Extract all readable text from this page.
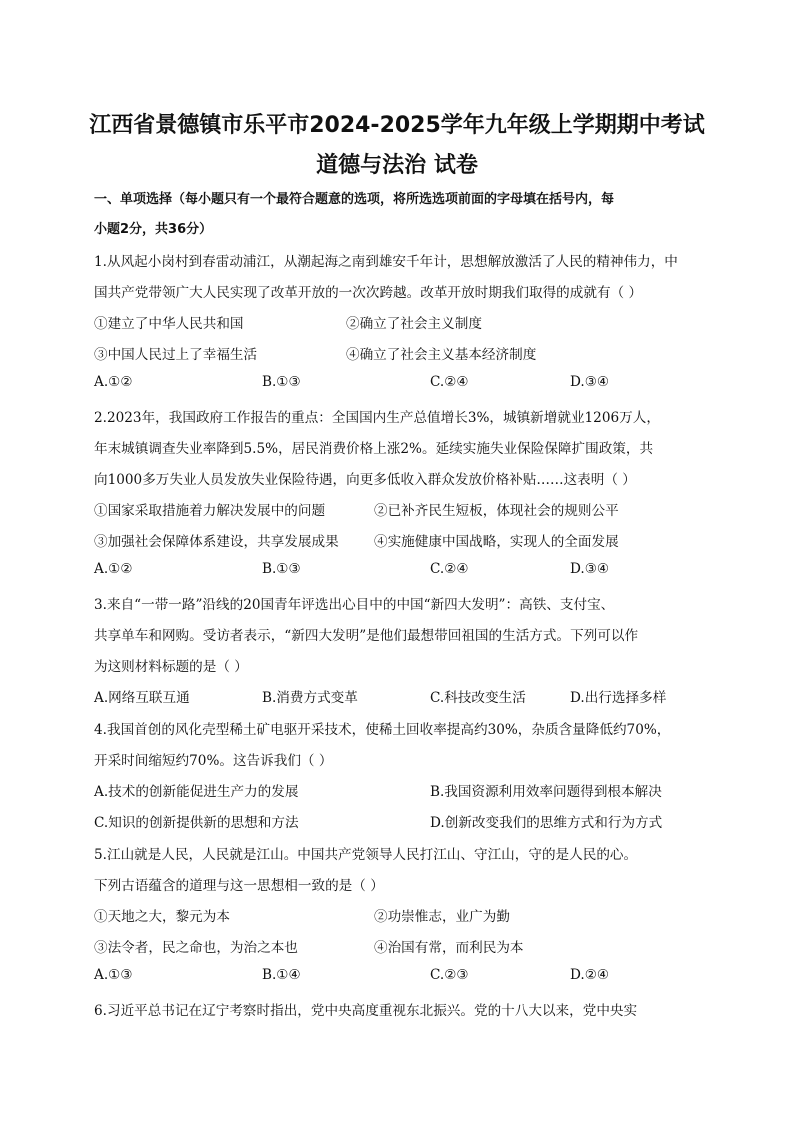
江西省景德镇市乐平市2024-2025学年九年级上学期期中考试
道德与法治 试卷
一、单项选择（每小题只有一个最符合题意的选项，将所选选项前面的字母填在括号内，每
小题2分，共36分）
1.从风起小岗村到春雷动浦江，从潮起海之南到雄安千年计，思想解放激活了人民的精神伟力，中
国共产党带领广大人民实现了改革开放的一次次跨越。改革开放时期我们取得的成就有（ ）
①建立了中华人民共和国	②确立了社会主义制度
③中国人民过上了幸福生活	④确立了社会主义基本经济制度
A.①②	B.①③	C.②④	D.③④
2.2023年，我国政府工作报告的重点：全国国内生产总值增长3%，城镇新增就业1206万人，
年末城镇调查失业率降到5.5%，居民消费价格上涨2%。延续实施失业保险保障扩围政策，共
向1000多万失业人员发放失业保险待遇，向更多低收入群众发放价格补贴……这表明（ ）
①国家采取措施着力解决发展中的问题	②已补齐民生短板，体现社会的规则公平
③加强社会保障体系建设，共享发展成果	④实施健康中国战略，实现人的全面发展
A.①②	B.①③	C.②④	D.③④
3.来自“一带一路”沿线的20国青年评选出心目中的中国“新四大发明”：高铁、支付宝、
共享单车和网购。受访者表示，“新四大发明”是他们最想带回祖国的生活方式。下列可以作
为这则材料标题的是（ ）
A.网络互联互通	B.消费方式变革	C.科技改变生活	D.出行选择多样
4.我国首创的风化壳型稀土矿电驱开采技术，使稀土回收率提高约30%，杂质含量降低约70%，
开采时间缩短约70%。这告诉我们（ ）
A.技术的创新能促进生产力的发展	B.我国资源利用效率问题得到根本解决
C.知识的创新提供新的思想和方法	D.创新改变我们的思维方式和行为方式
5.江山就是人民，人民就是江山。中国共产党领导人民打江山、守江山，守的是人民的心。
下列古语蕴含的道理与这一思想相一致的是（ ）
①天地之大，黎元为本	②功崇惟志，业广为勤
③法令者，民之命也，为治之本也	④治国有常，而利民为本
A.①③	B.①④	C.②③	D.②④
6.习近平总书记在辽宁考察时指出，党中央高度重视东北振兴。党的十八大以来，党中央实
